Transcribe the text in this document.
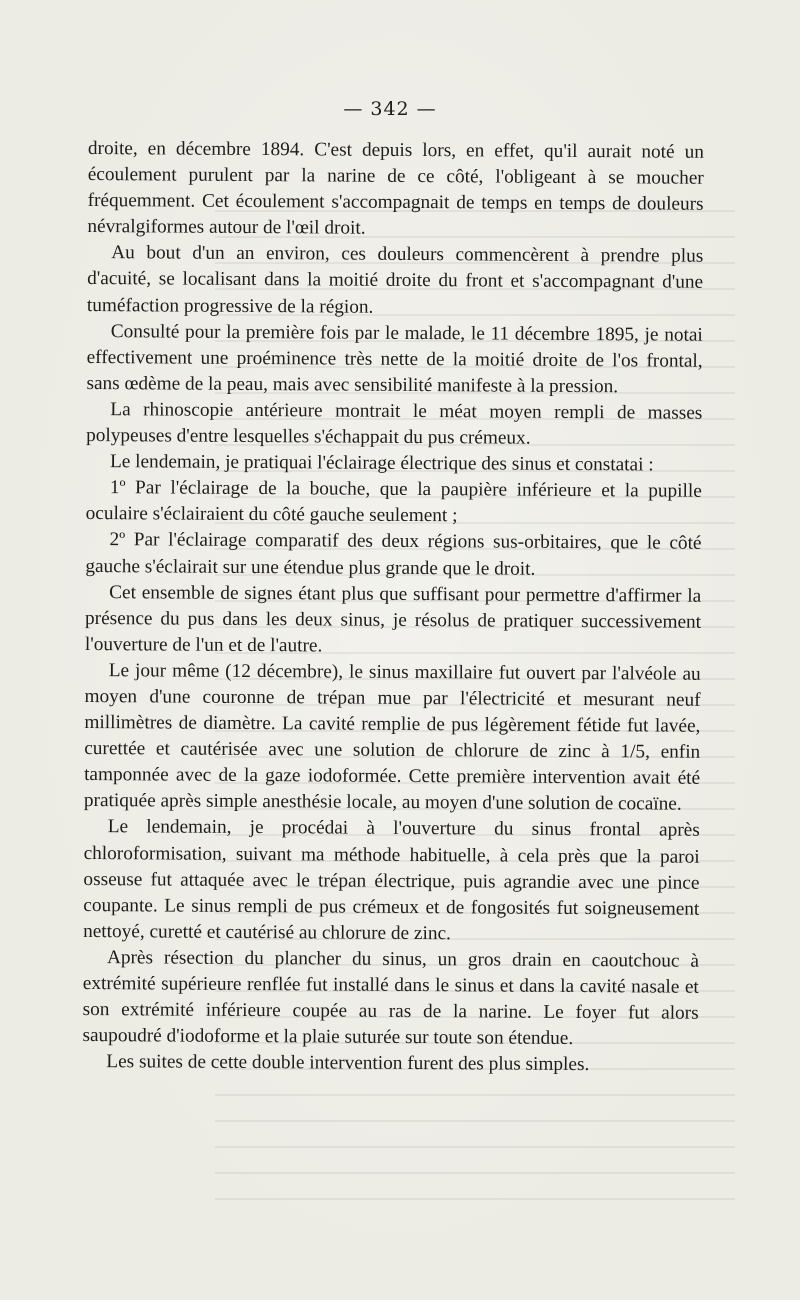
— 342 —

droite, en décembre 1894. C'est depuis lors, en effet, qu'il aurait noté un écoulement purulent par la narine de ce côté, l'obligeant à se moucher fréquemment. Cet écoulement s'accompagnait de temps en temps de douleurs névralgiformes autour de l'œil droit.

Au bout d'un an environ, ces douleurs commencèrent à prendre plus d'acuité, se localisant dans la moitié droite du front et s'accompagnant d'une tuméfaction progressive de la région.

Consulté pour la première fois par le malade, le 11 décembre 1895, je notai effectivement une proéminence très nette de la moitié droite de l'os frontal, sans œdème de la peau, mais avec sensibilité manifeste à la pression.

La rhinoscopie antérieure montrait le méat moyen rempli de masses polypeuses d'entre lesquelles s'échappait du pus crémeux.

Le lendemain, je pratiquai l'éclairage électrique des sinus et constatai :

1º Par l'éclairage de la bouche, que la paupière inférieure et la pupille oculaire s'éclairaient du côté gauche seulement ;

2º Par l'éclairage comparatif des deux régions sus-orbitaires, que le côté gauche s'éclairait sur une étendue plus grande que le droit.

Cet ensemble de signes étant plus que suffisant pour permettre d'affirmer la présence du pus dans les deux sinus, je résolus de pratiquer successivement l'ouverture de l'un et de l'autre.

Le jour même (12 décembre), le sinus maxillaire fut ouvert par l'alvéole au moyen d'une couronne de trépan mue par l'électricité et mesurant neuf millimètres de diamètre. La cavité remplie de pus légèrement fétide fut lavée, curettée et cautérisée avec une solution de chlorure de zinc à 1/5, enfin tamponnée avec de la gaze iodoformée. Cette première intervention avait été pratiquée après simple anesthésie locale, au moyen d'une solution de cocaïne.

Le lendemain, je procédai à l'ouverture du sinus frontal après chloroformisation, suivant ma méthode habituelle, à cela près que la paroi osseuse fut attaquée avec le trépan électrique, puis agrandie avec une pince coupante. Le sinus rempli de pus crémeux et de fongosités fut soigneusement nettoyé, curetté et cautérisé au chlorure de zinc.

Après résection du plancher du sinus, un gros drain en caoutchouc à extrémité supérieure renflée fut installé dans le sinus et dans la cavité nasale et son extrémité inférieure coupée au ras de la narine. Le foyer fut alors saupoudré d'iodoforme et la plaie suturée sur toute son étendue.

Les suites de cette double intervention furent des plus simples.
